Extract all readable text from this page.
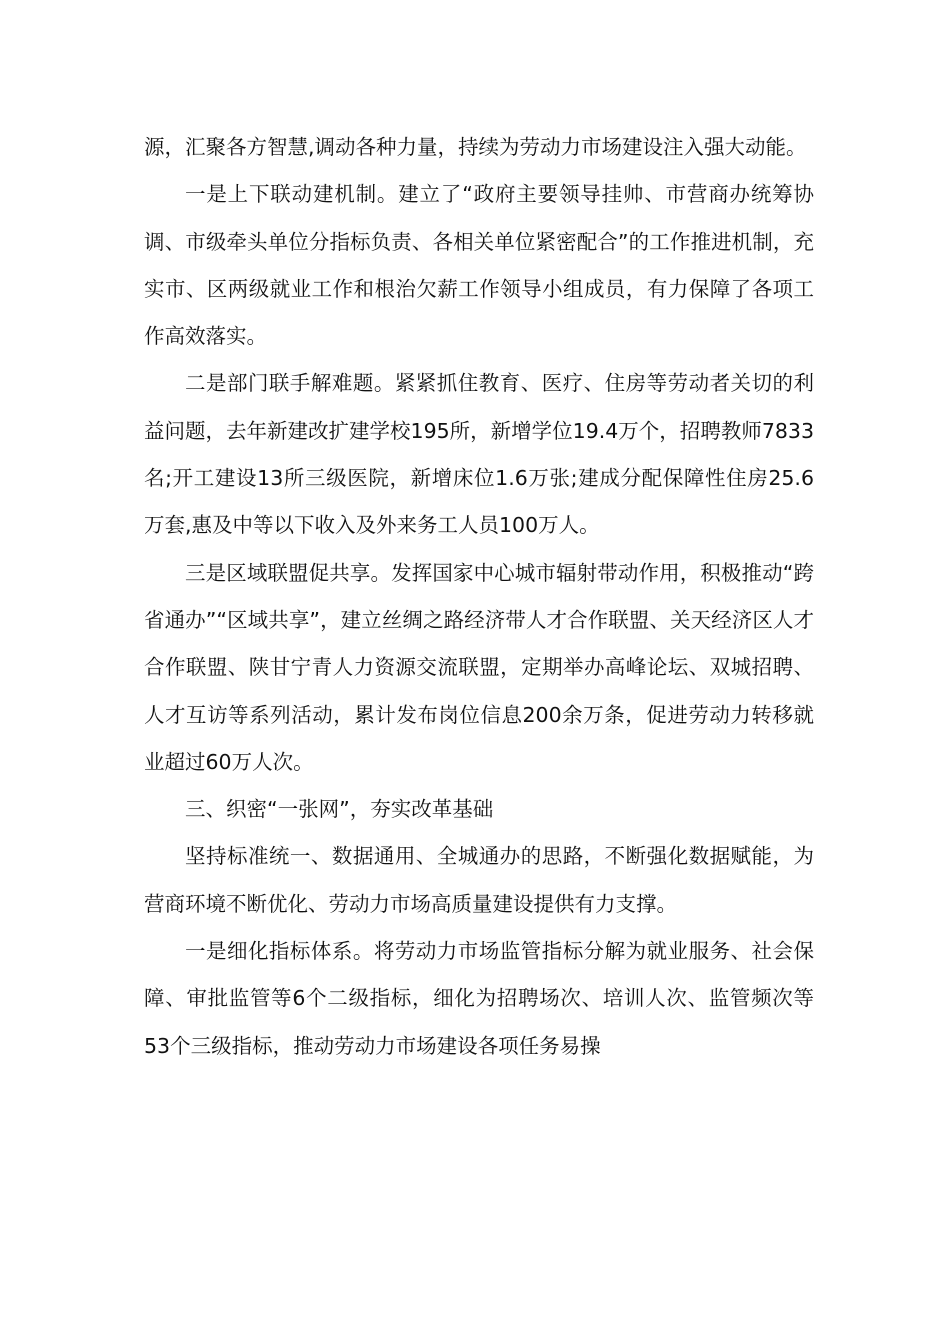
源，汇聚各方智慧,调动各种力量，持续为劳动力市场建设注入强大动能。

一是上下联动建机制。建立了“政府主要领导挂帅、市营商办统筹协调、市级牵头单位分指标负责、各相关单位紧密配合”的工作推进机制，充实市、区两级就业工作和根治欠薪工作领导小组成员，有力保障了各项工作高效落实。

二是部门联手解难题。紧紧抓住教育、医疗、住房等劳动者关切的利益问题，去年新建改扩建学校195所，新增学位19.4万个，招聘教师7833名;开工建设13所三级医院，新增床位1.6万张;建成分配保障性住房25.6万套,惠及中等以下收入及外来务工人员100万人。

三是区域联盟促共享。发挥国家中心城市辐射带动作用，积极推动“跨省通办”“区域共享”，建立丝绸之路经济带人才合作联盟、关天经济区人才合作联盟、陕甘宁青人力资源交流联盟，定期举办高峰论坛、双城招聘、人才互访等系列活动，累计发布岗位信息200余万条，促进劳动力转移就业超过60万人次。

三、织密“一张网”，夯实改革基础

坚持标准统一、数据通用、全城通办的思路，不断强化数据赋能，为营商环境不断优化、劳动力市场高质量建设提供有力支撑。

一是细化指标体系。将劳动力市场监管指标分解为就业服务、社会保障、审批监管等6个二级指标，细化为招聘场次、培训人次、监管频次等53个三级指标，推动劳动力市场建设各项任务易操
